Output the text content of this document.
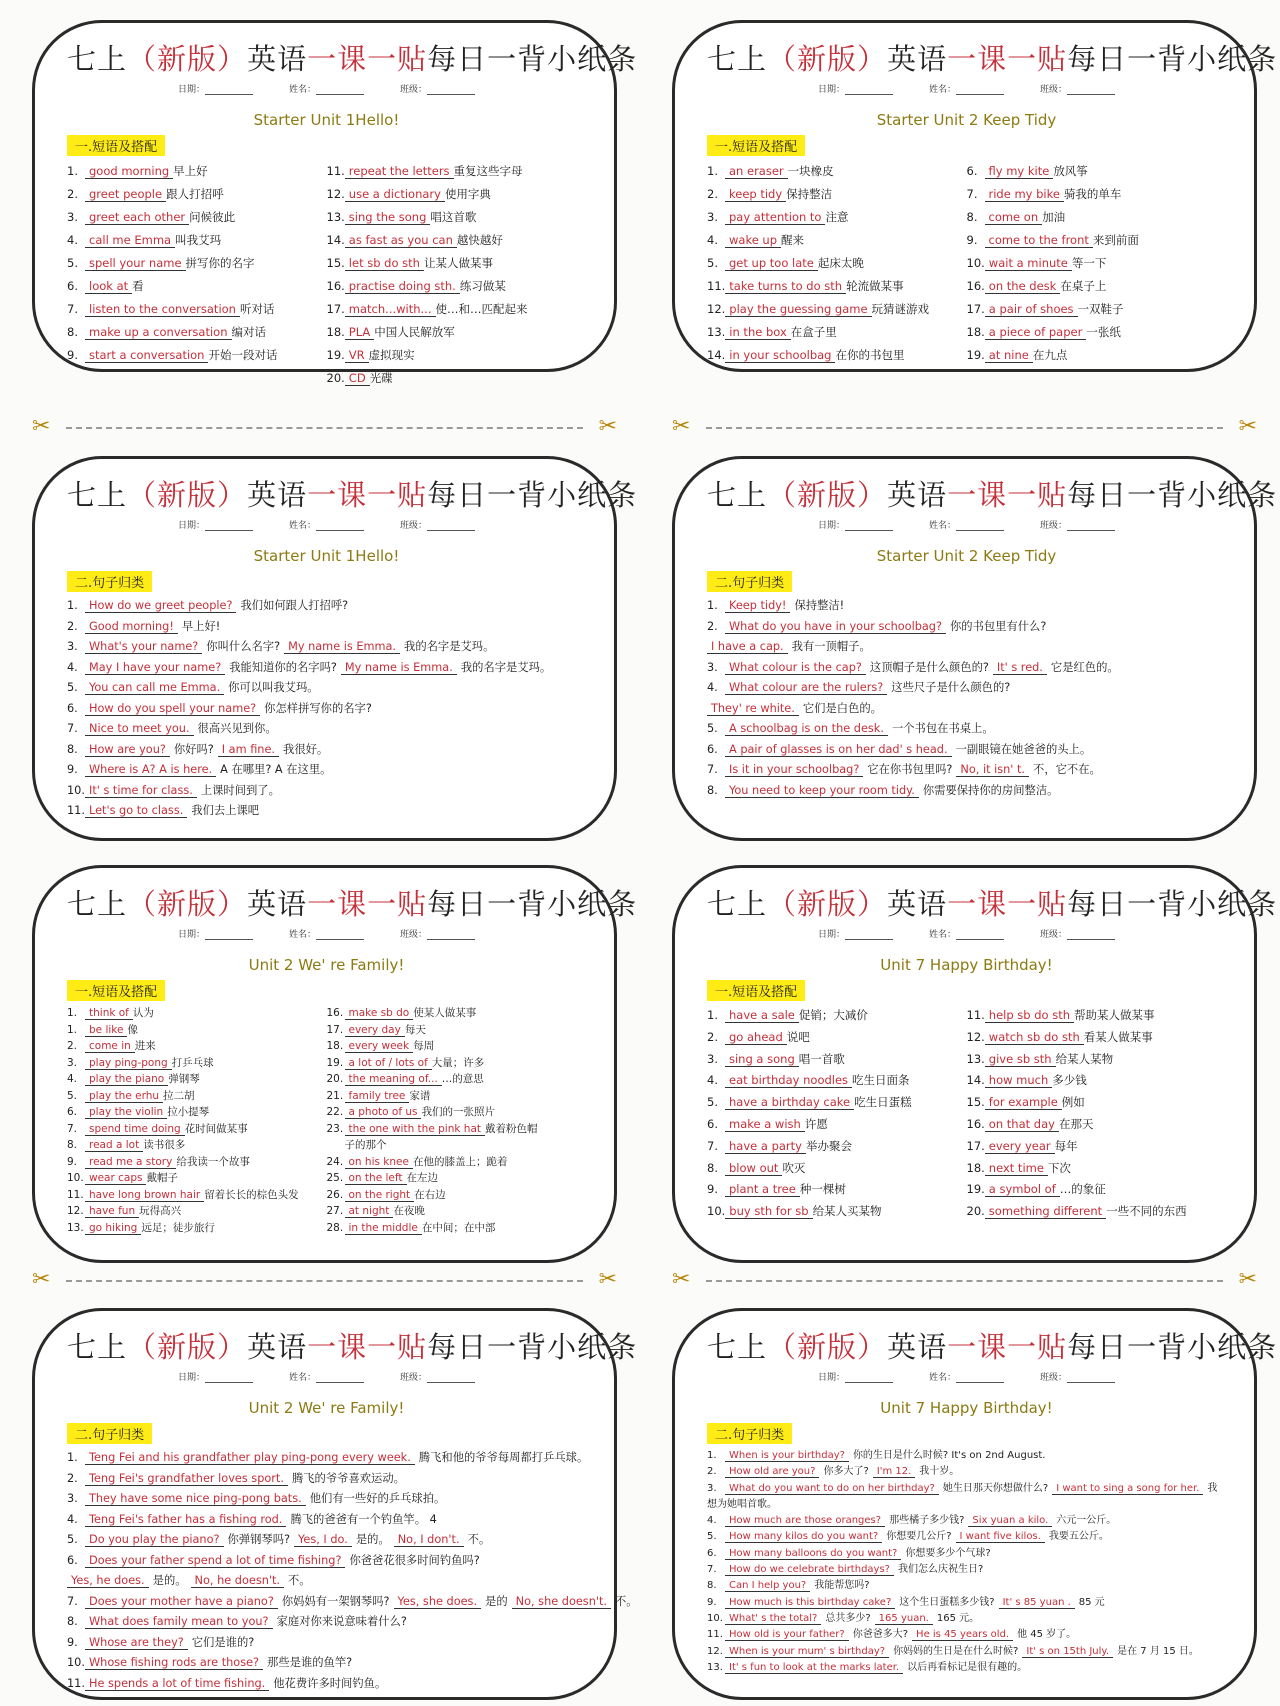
七上（新版）英语一课一贴每日一背小纸条
日期：	姓名：	班级：
Starter Unit 1Hello!
一.短语及搭配
1. good morning 早上好
2. greet people 跟人打招呼
3. greet each other 问候彼此
4. call me Emma 叫我艾玛
5. spell your name 拼写你的名字
6. look at 看
7. listen to the conversation 听对话
8. make up a conversation 编对话
9. start a conversation 开始一段对话
11. repeat the letters 重复这些字母
12. use a dictionary 使用字典
13. sing the song 唱这首歌
14. as fast as you can 越快越好
15. let sb do sth 让某人做某事
16. practise doing sth. 练习做某
17. match...with... 使…和…匹配起来
18. PLA 中国人民解放军
19. VR 虚拟现实
20. CD 光碟
七上（新版）英语一课一贴每日一背小纸条
日期：	姓名：	班级：
Starter Unit 2 Keep Tidy
一.短语及搭配
1. an eraser 一块橡皮
2. keep tidy 保持整洁
3. pay attention to 注意
4. wake up 醒来
5. get up too late 起床太晚
11. take turns to do sth 轮流做某事
12. play the guessing game 玩猜谜游戏
13. in the box 在盒子里
14. in your schoolbag 在你的书包里
6. fly my kite 放风筝
7. ride my bike 骑我的单车
8. come on 加油
9. come to the front 来到前面
10. wait a minute 等一下
16. on the desk 在桌子上
17. a pair of shoes 一双鞋子
18. a piece of paper 一张纸
19. at nine 在九点
✂	✂	✂	✂
七上（新版）英语一课一贴每日一背小纸条
日期：	姓名：	班级：
Starter Unit 1Hello!
二.句子归类
1. How do we greet people? 我们如何跟人打招呼?
2. Good morning! 早上好!
3. What's your name? 你叫什么名字? My name is Emma. 我的名字是艾玛。
4. May I have your name? 我能知道你的名字吗? My name is Emma. 我的名字是艾玛。
5. You can call me Emma. 你可以叫我艾玛。
6. How do you spell your name? 你怎样拼写你的名字?
7. Nice to meet you. 很高兴见到你。
8. How are you? 你好吗? I am fine. 我很好。
9. Where is A? A is here. A 在哪里? A 在这里。
10. It' s time for class. 上课时间到了。
11. Let's go to class. 我们去上课吧
七上（新版）英语一课一贴每日一背小纸条
日期：	姓名：	班级：
Starter Unit 2 Keep Tidy
二.句子归类
1. Keep tidy! 保持整洁!
2. What do you have in your schoolbag? 你的书包里有什么?
I have a cap. 我有一顶帽子。
3. What colour is the cap? 这顶帽子是什么颜色的? It' s red. 它是红色的。
4. What colour are the rulers? 这些尺子是什么颜色的?
They' re white. 它们是白色的。
5. A schoolbag is on the desk. 一个书包在书桌上。
6. A pair of glasses is on her dad' s head. 一副眼镜在她爸爸的头上。
7. Is it in your schoolbag? 它在你书包里吗? No, it isn' t. 不，它不在。
8. You need to keep your room tidy. 你需要保持你的房间整洁。
七上（新版）英语一课一贴每日一背小纸条
日期：	姓名：	班级：
Unit 2 We' re Family!
一.短语及搭配
1. think of 认为
1. be like 像
2. come in 进来
3. play ping-pong 打乒乓球
4. play the piano 弹钢琴
5. play the erhu 拉二胡
6. play the violin 拉小提琴
7. spend time doing 花时间做某事
8. read a lot 读书很多
9. read me a story 给我读一个故事
10. wear caps 戴帽子
11. have long brown hair 留着长长的棕色头发
12. have fun 玩得高兴
13. go hiking 远足；徒步旅行
16. make sb do 使某人做某事
17. every day 每天
18. every week 每周
19. a lot of / lots of 大量；许多
20. the meaning of... …的意思
21. family tree 家谱
22. a photo of us 我们的一张照片
23. the one with the pink hat 戴着粉色帽
子的那个
24. on his knee 在他的膝盖上；跪着
25. on the left 在左边
26. on the right 在右边
27. at night 在夜晚
28. in the middle 在中间；在中部
七上（新版）英语一课一贴每日一背小纸条
日期：	姓名：	班级：
Unit 7 Happy Birthday!
一.短语及搭配
1. have a sale 促销；大减价
2. go ahead 说吧
3. sing a song 唱一首歌
4. eat birthday noodles 吃生日面条
5. have a birthday cake 吃生日蛋糕
6. make a wish 许愿
7. have a party 举办聚会
8. blow out 吹灭
9. plant a tree 种一棵树
10. buy sth for sb 给某人买某物
11. help sb do sth 帮助某人做某事
12. watch sb do sth 看某人做某事
13. give sb sth 给某人某物
14. how much 多少钱
15. for example 例如
16. on that day 在那天
17. every year 每年
18. next time 下次
19. a symbol of …的象征
20. something different 一些不同的东西
✂	✂	✂	✂
七上（新版）英语一课一贴每日一背小纸条
日期：	姓名：	班级：
Unit 2 We' re Family!
二.句子归类
1. Teng Fei and his grandfather play ping-pong every week. 腾飞和他的爷爷每周都打乒乓球。
2. Teng Fei's grandfather loves sport. 腾飞的爷爷喜欢运动。
3. They have some nice ping-pong bats. 他们有一些好的乒乓球拍。
4. Teng Fei's father has a fishing rod. 腾飞的爸爸有一个钓鱼竿。 4
5. Do you play the piano? 你弹钢琴吗? Yes, I do. 是的。 No, I don't. 不。
6. Does your father spend a lot of time fishing? 你爸爸花很多时间钓鱼吗?
Yes, he does. 是的。 No, he doesn't. 不。
7. Does your mother have a piano? 你妈妈有一架钢琴吗? Yes, she does. 是的 No, she doesn't. 不。
8. What does family mean to you? 家庭对你来说意味着什么?
9. Whose are they? 它们是谁的?
10. Whose fishing rods are those? 那些是谁的鱼竿?
11. He spends a lot of time fishing. 他花费许多时间钓鱼。
七上（新版）英语一课一贴每日一背小纸条
日期：	姓名：	班级：
Unit 7 Happy Birthday!
二.句子归类
1. When is your birthday? 你的生日是什么时候? It's on 2nd August.
2. How old are you? 你多大了? I'm 12. 我十岁。
3. What do you want to do on her birthday? 她生日那天你想做什么? I want to sing a song for her. 我
想为她唱首歌。
4. How much are those oranges? 那些橘子多少钱? Six yuan a kilo. 六元一公斤。
5. How many kilos do you want? 你想要几公斤? I want five kilos. 我要五公斤。
6. How many balloons do you want? 你想要多少个气球?
7. How do we celebrate birthdays? 我们怎么庆祝生日?
8. Can I help you? 我能帮您吗?
9. How much is this birthday cake? 这个生日蛋糕多少钱? It' s 85 yuan . 85 元
10. What' s the total? 总共多少? 165 yuan. 165 元。
11. How old is your father? 你爸爸多大? He is 45 years old. 他 45 岁了。
12. When is your mum' s birthday? 你妈妈的生日是在什么时候? It' s on 15th July. 是在 7 月 15 日。
13. It' s fun to look at the marks later. 以后再看标记是很有趣的。
